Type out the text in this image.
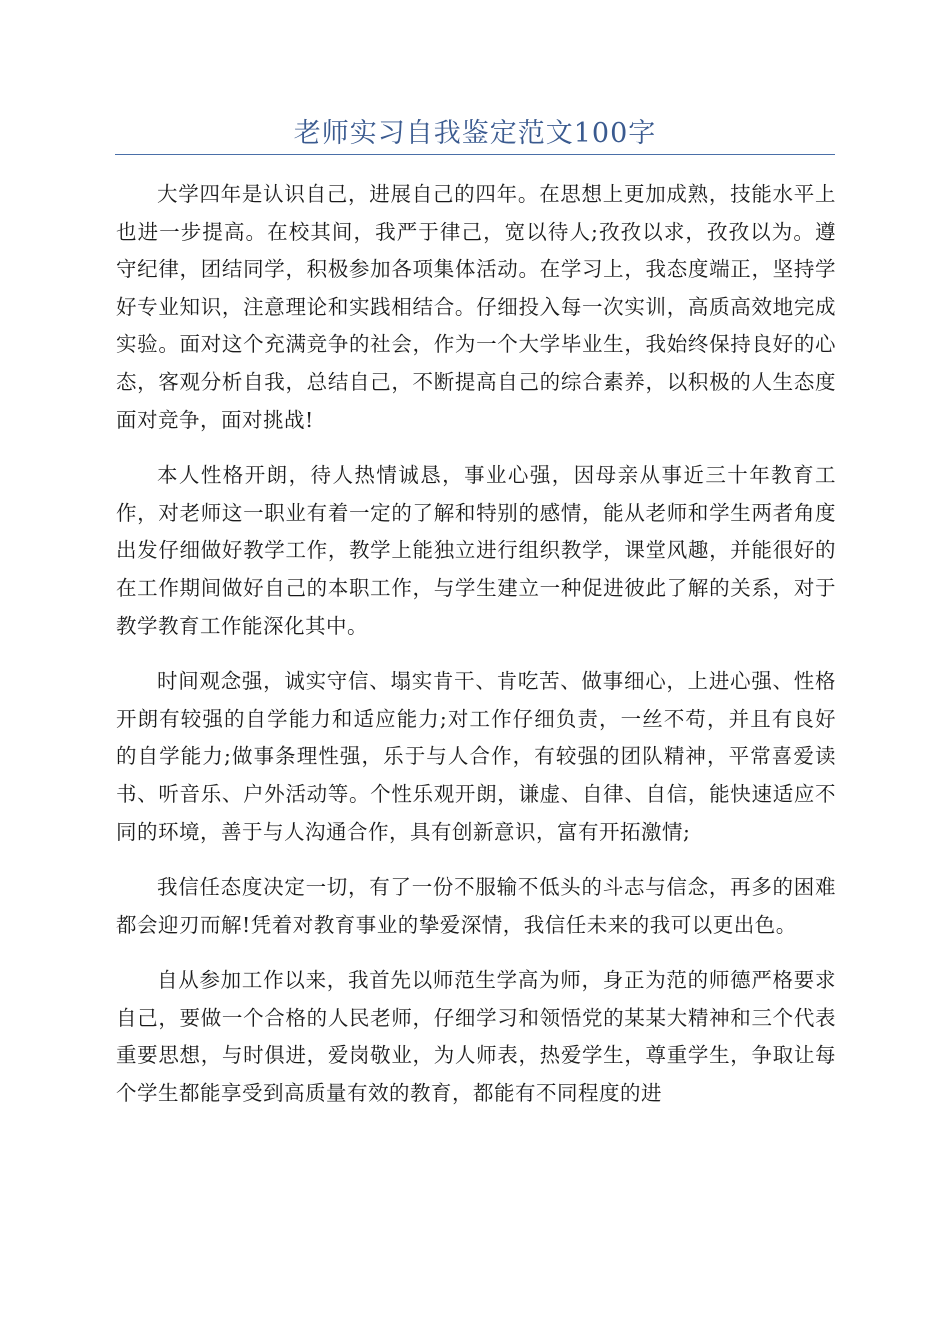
老师实习自我鉴定范文100字

大学四年是认识自己，进展自己的四年。在思想上更加成熟，技能水平上也进一步提高。在校其间，我严于律己，宽以待人;孜孜以求，孜孜以为。遵守纪律，团结同学，积极参加各项集体活动。在学习上，我态度端正，坚持学好专业知识，注意理论和实践相结合。仔细投入每一次实训，高质高效地完成实验。面对这个充满竞争的社会，作为一个大学毕业生，我始终保持良好的心态，客观分析自我，总结自己，不断提高自己的综合素养，以积极的人生态度面对竞争，面对挑战!

本人性格开朗，待人热情诚恳，事业心强，因母亲从事近三十年教育工作，对老师这一职业有着一定的了解和特别的感情，能从老师和学生两者角度出发仔细做好教学工作，教学上能独立进行组织教学，课堂风趣，并能很好的在工作期间做好自己的本职工作，与学生建立一种促进彼此了解的关系，对于教学教育工作能深化其中。

时间观念强，诚实守信、塌实肯干、肯吃苦、做事细心，上进心强、性格开朗有较强的自学能力和适应能力;对工作仔细负责，一丝不苟，并且有良好的自学能力;做事条理性强，乐于与人合作，有较强的团队精神，平常喜爱读书、听音乐、户外活动等。个性乐观开朗，谦虚、自律、自信，能快速适应不同的环境，善于与人沟通合作，具有创新意识，富有开拓激情;

我信任态度决定一切，有了一份不服输不低头的斗志与信念，再多的困难都会迎刃而解!凭着对教育事业的挚爱深情，我信任未来的我可以更出色。

自从参加工作以来，我首先以师范生学高为师，身正为范的师德严格要求自己，要做一个合格的人民老师，仔细学习和领悟党的某某大精神和三个代表重要思想，与时俱进，爱岗敬业，为人师表，热爱学生，尊重学生，争取让每个学生都能享受到高质量有效的教育，都能有不同程度的进
